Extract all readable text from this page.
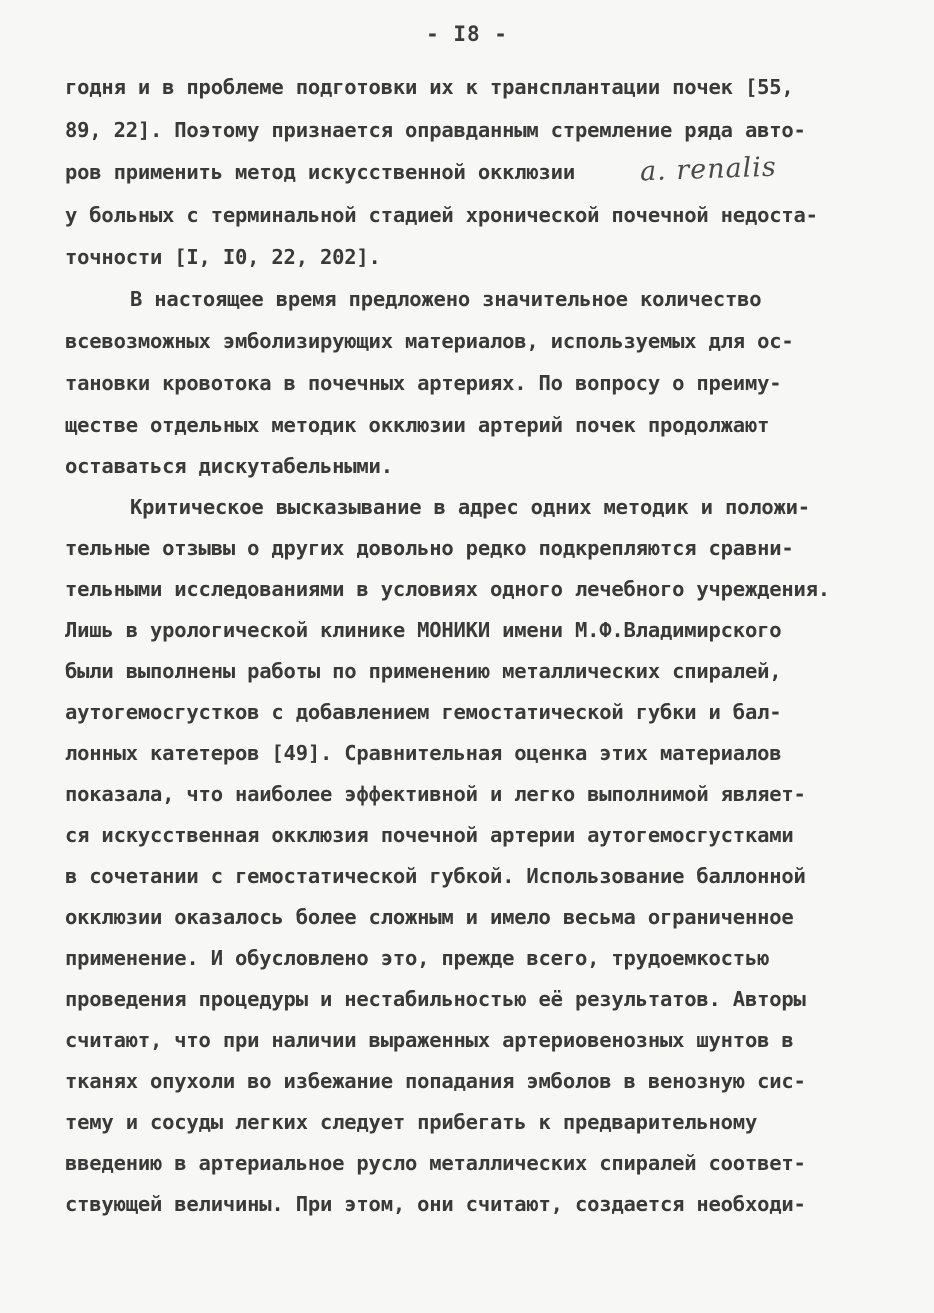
- I8 -
годня и в проблеме подготовки их к трансплантации почек [55,
89, 22]. Поэтому признается оправданным стремление ряда авто-
ров применить метод искусственной окклюзии a. renalis
у больных с терминальной стадией хронической почечной недоста-
точности [I, I0, 22, 202].
В настоящее время предложено значительное количество
всевозможных эмболизирующих материалов, используемых для ос-
тановки кровотока в почечных артериях. По вопросу о преиму-
ществе отдельных методик окклюзии артерий почек продолжают
оставаться дискутабельными.
Критическое высказывание в адрес одних методик и положи-
тельные отзывы о других довольно редко подкрепляются сравни-
тельными исследованиями в условиях одного лечебного учреждения.
Лишь в урологической клинике МОНИКИ имени М.Ф.Владимирского
были выполнены работы по применению металлических спиралей,
аутогемосгустков с добавлением гемостатической губки и бал-
лонных катетеров [49]. Сравнительная оценка этих материалов
показала, что наиболее эффективной и легко выполнимой являет-
ся искусственная окклюзия почечной артерии аутогемосгустками
в сочетании с гемостатической губкой. Использование баллонной
окклюзии оказалось более сложным и имело весьма ограниченное
применение. И обусловлено это, прежде всего, трудоемкостью
проведения процедуры и нестабильностью её результатов. Авторы
считают, что при наличии выраженных артериовенозных шунтов в
тканях опухоли во избежание попадания эмболов в венозную сис-
тему и сосуды легких следует прибегать к предварительному
введению в артериальное русло металлических спиралей соответ-
ствующей величины. При этом, они считают, создается необходи-
